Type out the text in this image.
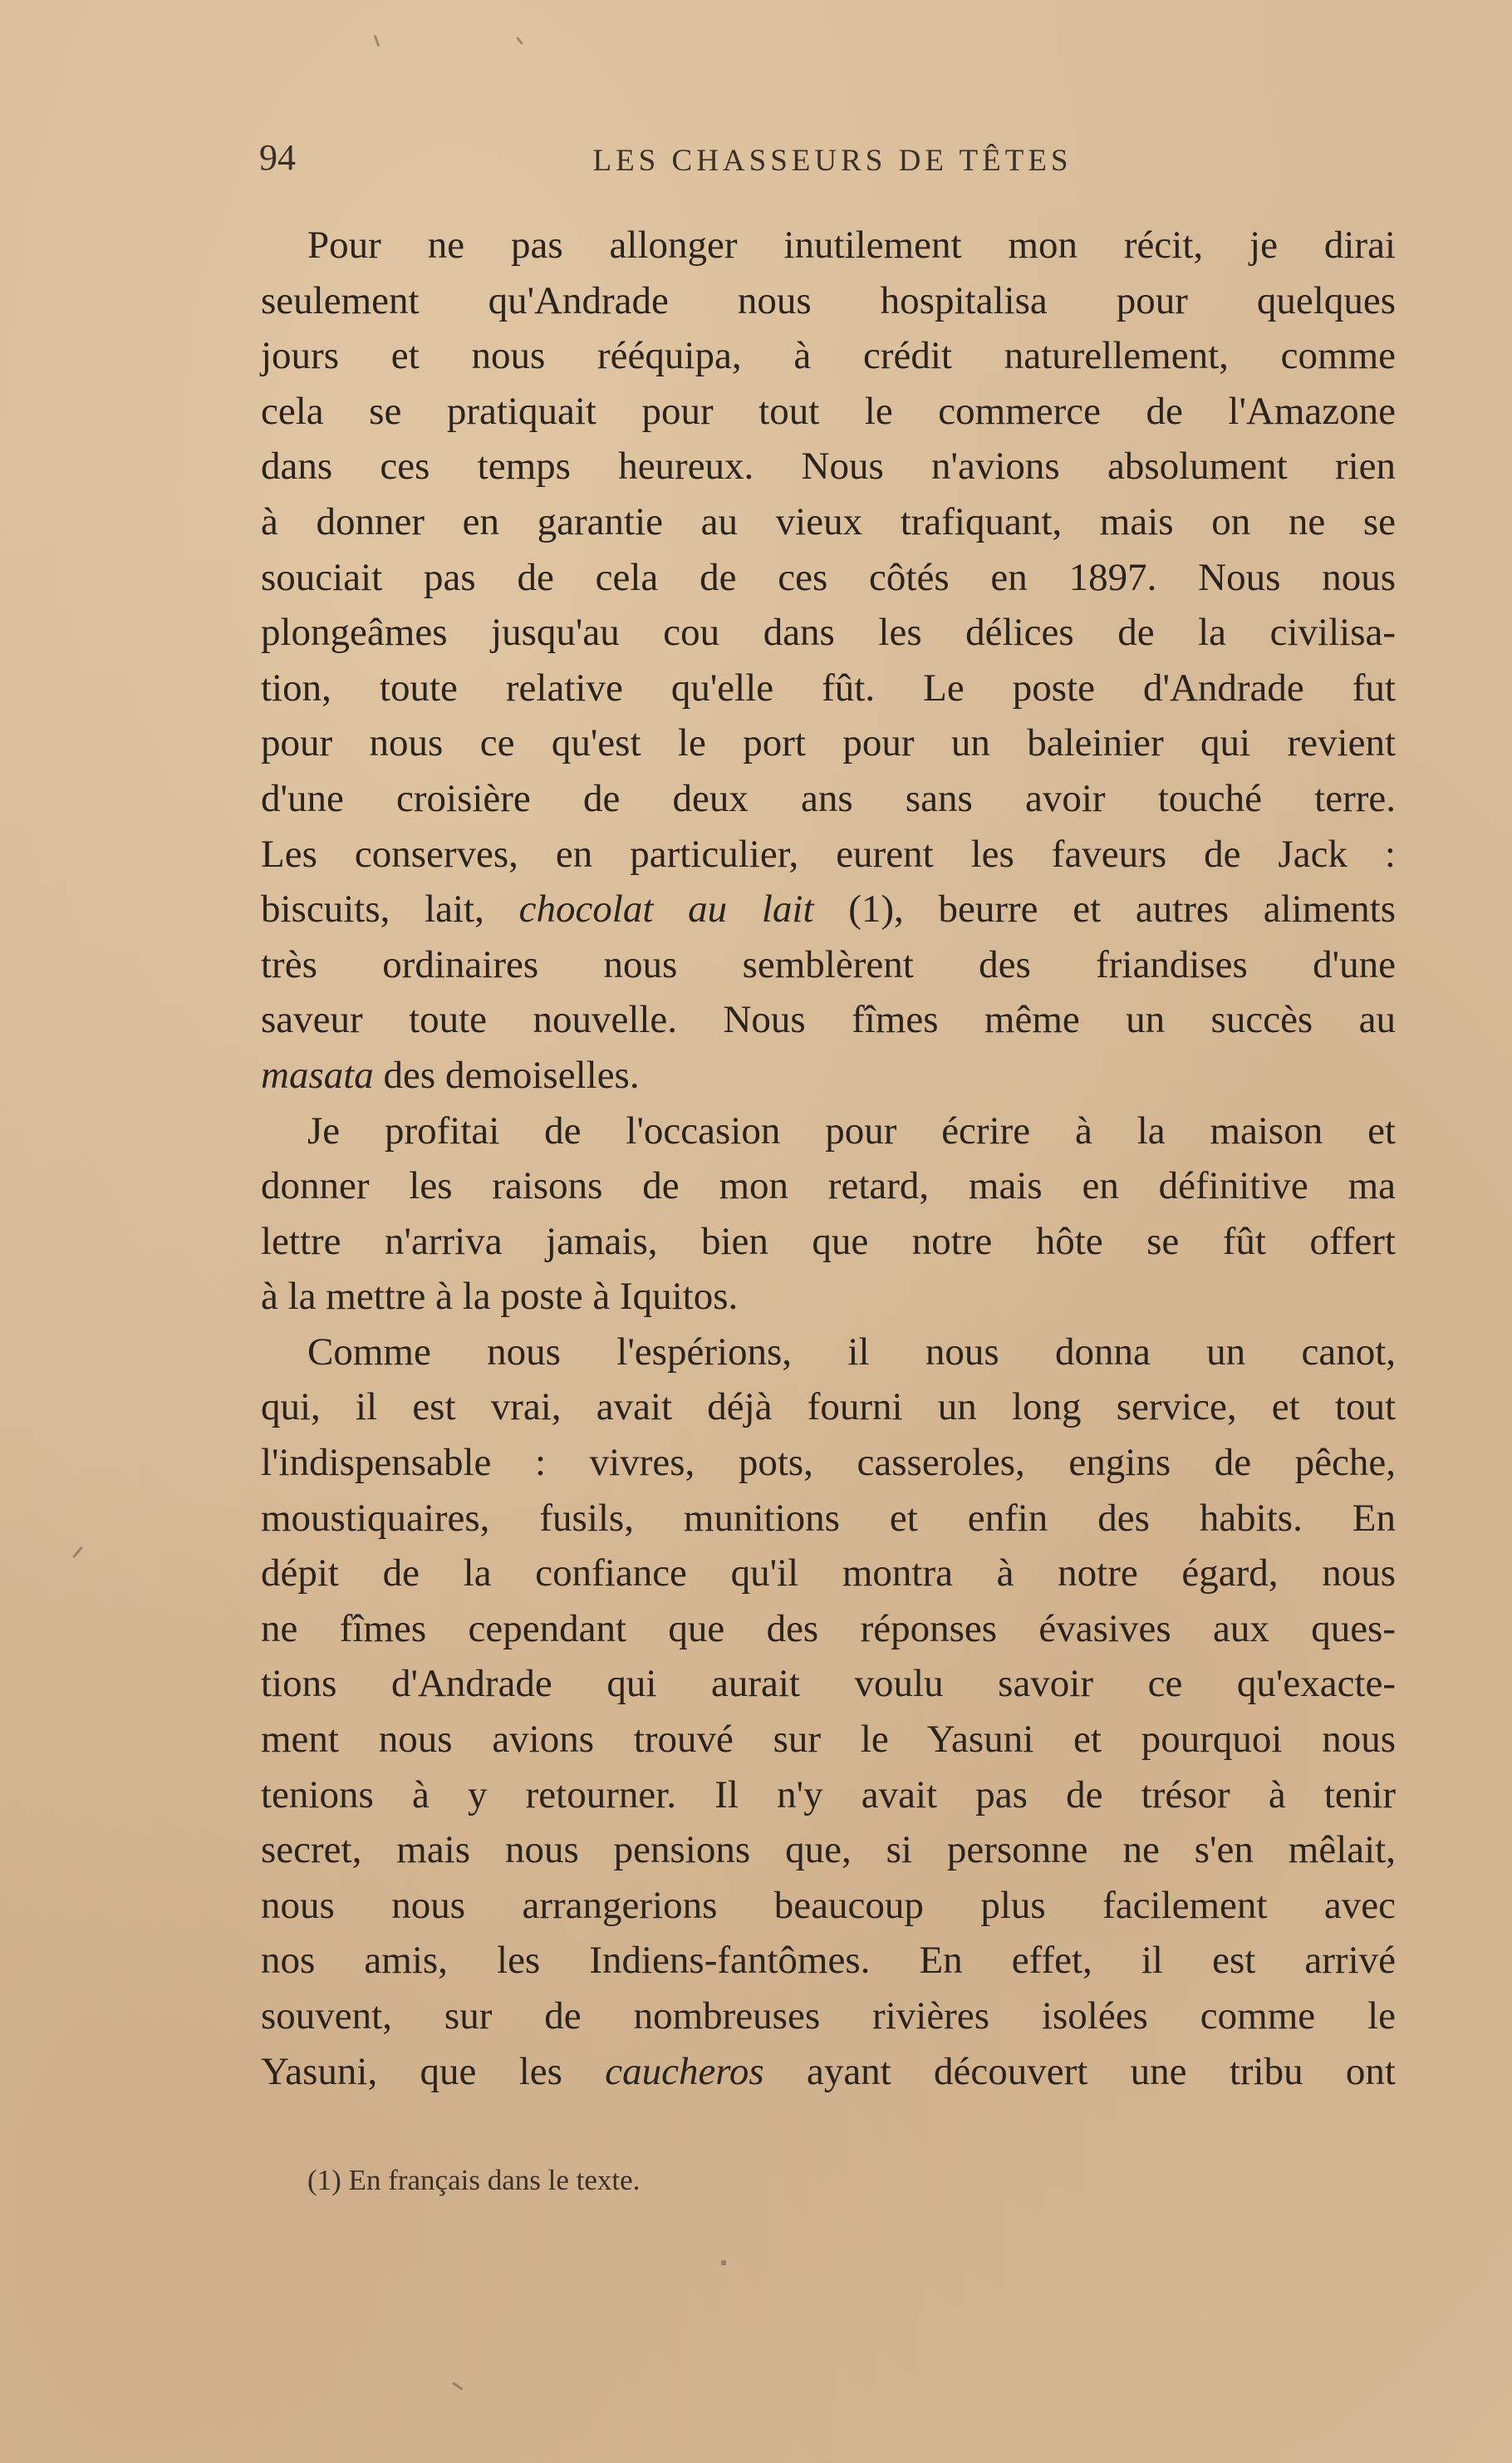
94	LES CHASSEURS DE TÊTES
Pour ne pas allonger inutilement mon récit, je dirai
seulement qu'Andrade nous hospitalisa pour quelques
jours et nous rééquipa, à crédit naturellement, comme
cela se pratiquait pour tout le commerce de l'Amazone
dans ces temps heureux. Nous n'avions absolument rien
à donner en garantie au vieux trafiquant, mais on ne se
souciait pas de cela de ces côtés en 1897. Nous nous
plongeâmes jusqu'au cou dans les délices de la civilisa-
tion, toute relative qu'elle fût. Le poste d'Andrade fut
pour nous ce qu'est le port pour un baleinier qui revient
d'une croisière de deux ans sans avoir touché terre.
Les conserves, en particulier, eurent les faveurs de Jack :
biscuits, lait, chocolat au lait (1), beurre et autres aliments
très ordinaires nous semblèrent des friandises d'une
saveur toute nouvelle. Nous fîmes même un succès au
masata des demoiselles.
Je profitai de l'occasion pour écrire à la maison et
donner les raisons de mon retard, mais en définitive ma
lettre n'arriva jamais, bien que notre hôte se fût offert
à la mettre à la poste à Iquitos.
Comme nous l'espérions, il nous donna un canot,
qui, il est vrai, avait déjà fourni un long service, et tout
l'indispensable : vivres, pots, casseroles, engins de pêche,
moustiquaires, fusils, munitions et enfin des habits. En
dépit de la confiance qu'il montra à notre égard, nous
ne fîmes cependant que des réponses évasives aux ques-
tions d'Andrade qui aurait voulu savoir ce qu'exacte-
ment nous avions trouvé sur le Yasuni et pourquoi nous
tenions à y retourner. Il n'y avait pas de trésor à tenir
secret, mais nous pensions que, si personne ne s'en mêlait,
nous nous arrangerions beaucoup plus facilement avec
nos amis, les Indiens-fantômes. En effet, il est arrivé
souvent, sur de nombreuses rivières isolées comme le
Yasuni, que les caucheros ayant découvert une tribu ont
(1) En français dans le texte.
